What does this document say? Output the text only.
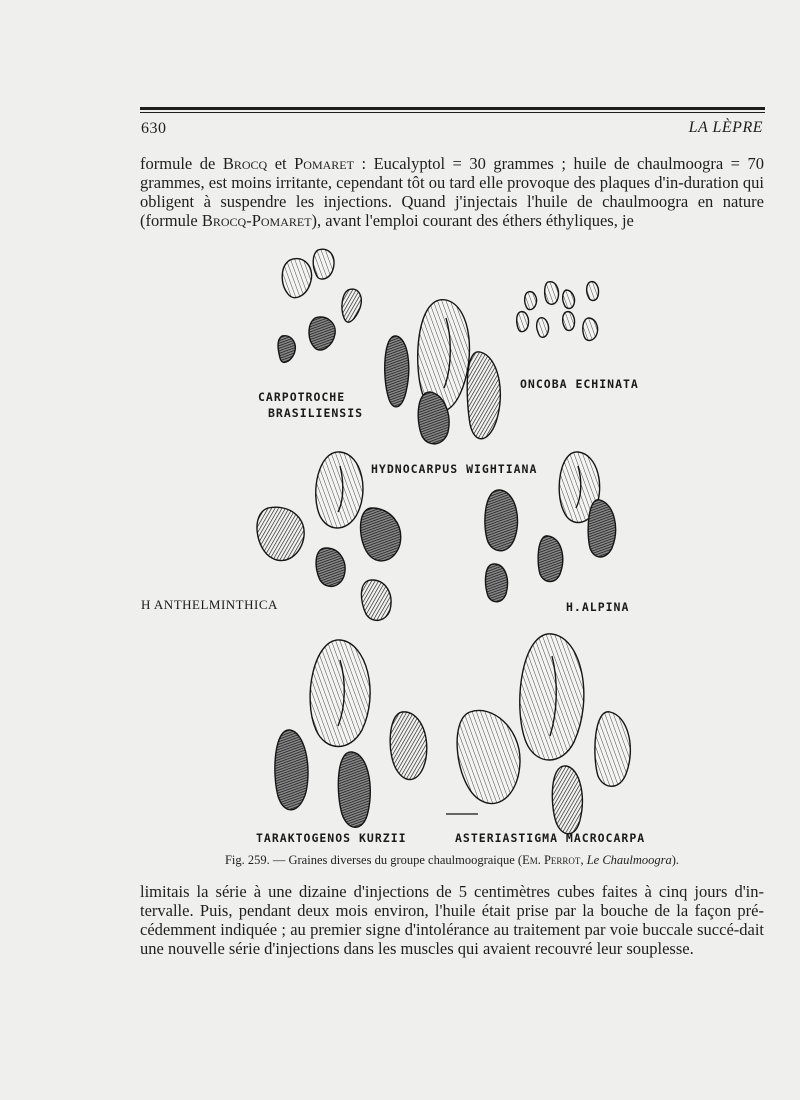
630	LA LÈPRE
formule de Brocq et Pomaret : Eucalyptol = 30 grammes ; huile de chaulmoogra = 70 grammes, est moins irritante, cependant tôt ou tard elle provoque des plaques d'in-duration qui obligent à suspendre les injections. Quand j'injectais l'huile de chaulmoogra en nature (formule Brocq-Pomaret), avant l'emploi courant des éthers éthyliques, je
CARPOTROCHE
BRASILIENSIS
ONCOBA ECHINATA
HYDNOCARPUS WIGHTIANA
H ANTHELMINTHICA	H.ALPINA
TARAKTOGENOS KURZII	ASTERIASTIGMA MACROCARPA
Fig. 259. — Graines diverses du groupe chaulmoograique (Em. Perrot, Le Chaulmoogra).
limitais la série à une dizaine d'injections de 5 centimètres cubes faites à cinq jours d'in-tervalle. Puis, pendant deux mois environ, l'huile était prise par la bouche de la façon pré-cédemment indiquée ; au premier signe d'intolérance au traitement par voie buccale succé-dait une nouvelle série d'injections dans les muscles qui avaient recouvré leur souplesse.
